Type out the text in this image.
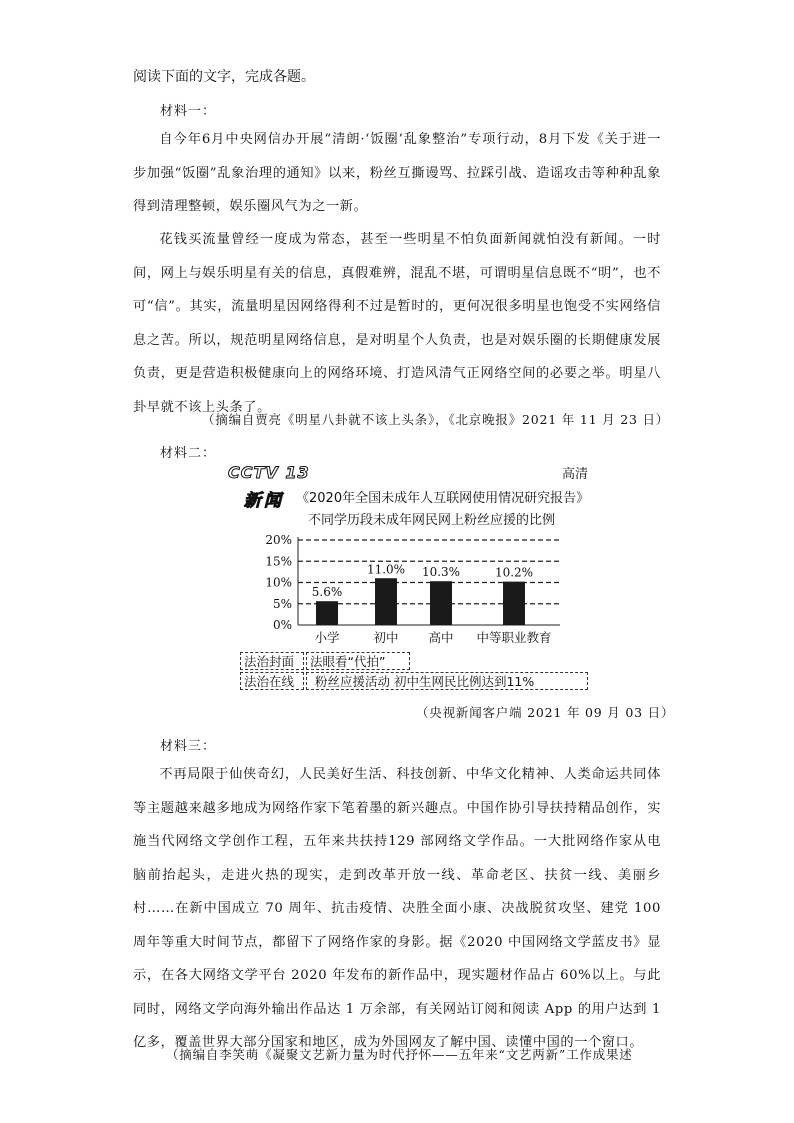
阅读下面的文字，完成各题。
材料一：

自今年6月中央网信办开展“清朗·‘饭圈’乱象整治”专项行动，8月下发《关于进一步加强“饭圈”乱象治理的通知》以来，粉丝互撕谩骂、拉踩引战、造谣攻击等种种乱象得到清理整顿，娱乐圈风气为之一新。

花钱买流量曾经一度成为常态，甚至一些明星不怕负面新闻就怕没有新闻。一时间，网上与娱乐明星有关的信息，真假难辨，混乱不堪，可谓明星信息既不“明”，也不可“信”。其实，流量明星因网络得利不过是暂时的，更何况很多明星也饱受不实网络信息之苦。所以，规范明星网络信息，是对明星个人负责，也是对娱乐圈的长期健康发展负责，更是营造积极健康向上的网络环境、打造风清气正网络空间的必要之举。明星八卦早就不该上头条了。

（摘编自贾亮《明星八卦就不该上头条》，《北京晚报》2021 年 11 月 23 日）
材料二：
CCTV 13
新闻
高清
《2020年全国未成年人互联网使用情况研究报告》
不同学历段未成年网民网上粉丝应援的比例
0%
5%
10%
15%
20%
5.6%
11.0% 10.3%	10.2%
小学	初中 高中 中等职业教育
法治封面	法眼看“代拍”
法治在线	粉丝应援活动 初中生网民比例达到11%
（央视新闻客户端 2021 年 09 月 03 日）
材料三：

不再局限于仙侠奇幻，人民美好生活、科技创新、中华文化精神、人类命运共同体等主题越来越多地成为网络作家下笔着墨的新兴趣点。中国作协引导扶持精品创作，实施当代网络文学创作工程，五年来共扶持129 部网络文学作品。一大批网络作家从电脑前抬起头，走进火热的现实，走到改革开放一线、革命老区、扶贫一线、美丽乡村……在新中国成立 70 周年、抗击疫情、决胜全面小康、决战脱贫攻坚、建党 100 周年等重大时间节点，都留下了网络作家的身影。据《2020 中国网络文学蓝皮书》显示，在各大网络文学平台 2020 年发布的新作品中，现实题材作品占 60%以上。与此同时，网络文学向海外输出作品达 1 万余部，有关网站订阅和阅读 App 的用户达到 1 亿多，覆盖世界大部分国家和地区，成为外国网友了解中国、读懂中国的一个窗口。

（摘编自李笑萌《凝聚文艺新力量为时代抒怀——五年来“文艺两新”工作成果述
